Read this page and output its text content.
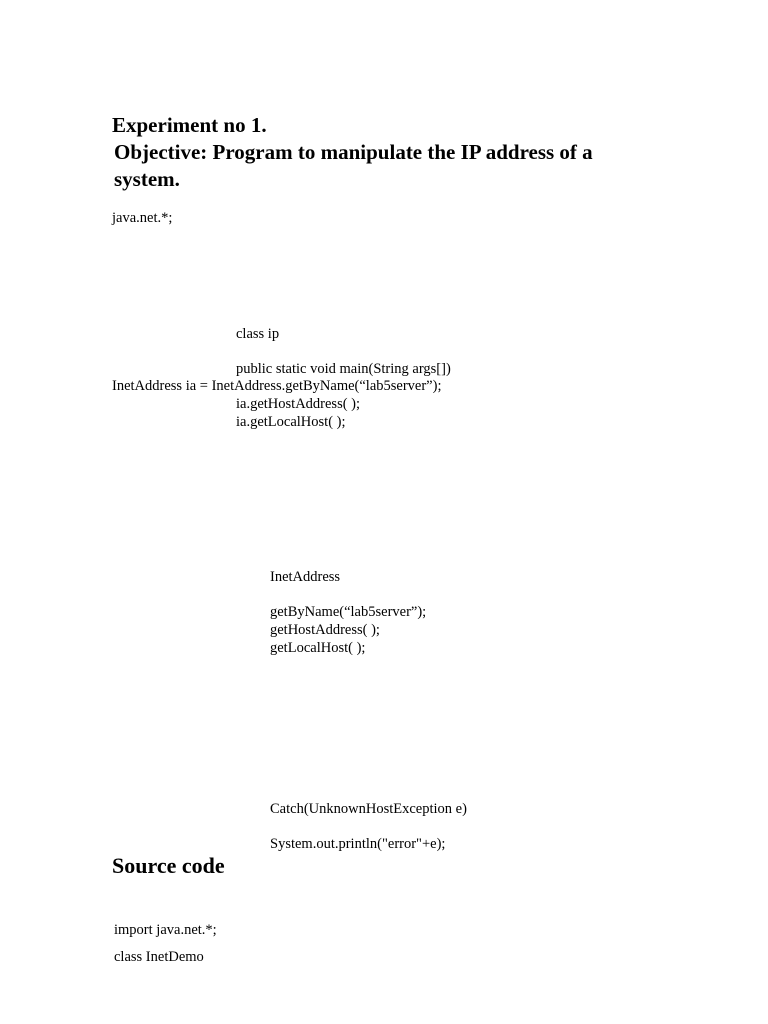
Experiment no 1.
Objective: Program to manipulate the IP address of a
system.
java.net.*;
class ip
public static void main(String args[])
InetAddress ia = InetAddress.getByName(“lab5server”);
ia.getHostAddress( );
ia.getLocalHost( );
InetAddress
getByName(“lab5server”);
getHostAddress( );
getLocalHost( );
Catch(UnknownHostException e)
System.out.println("error"+e);
Source code
import java.net.*;
class InetDemo
